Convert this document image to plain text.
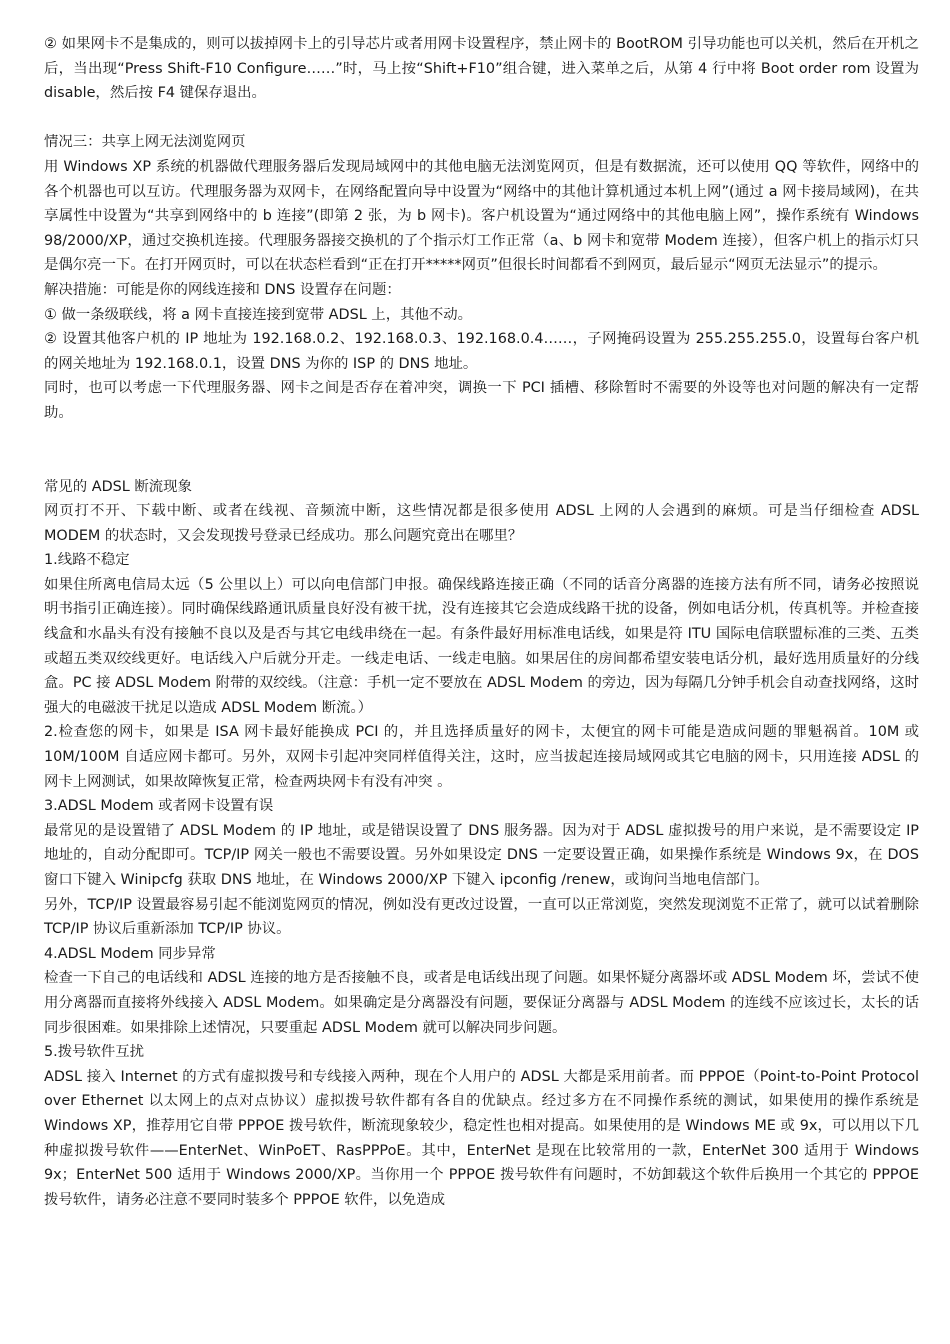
② 如果网卡不是集成的，则可以拔掉网卡上的引导芯片或者用网卡设置程序，禁止网卡的 BootROM 引导功能也可以关机，然后在开机之后，当出现“Press Shift-F10 Configure……”时，马上按“Shift+F10”组合键，进入菜单之后，从第 4 行中将 Boot order rom 设置为 disable，然后按 F4 键保存退出。

情况三：共享上网无法浏览网页

用 Windows XP 系统的机器做代理服务器后发现局域网中的其他电脑无法浏览网页，但是有数据流，还可以使用 QQ 等软件，网络中的各个机器也可以互访。代理服务器为双网卡，在网络配置向导中设置为“网络中的其他计算机通过本机上网”(通过 a 网卡接局域网)，在共享属性中设置为“共享到网络中的 b 连接”(即第 2 张，为 b 网卡)。客户机设置为“通过网络中的其他电脑上网”，操作系统有 Windows 98/2000/XP，通过交换机连接。代理服务器接交换机的了个指示灯工作正常（a、b 网卡和宽带 Modem 连接），但客户机上的指示灯只是偶尔亮一下。在打开网页时，可以在状态栏看到“正在打开*****网页”但很长时间都看不到网页，最后显示“网页无法显示”的提示。

解决措施：可能是你的网线连接和 DNS 设置存在问题：

① 做一条级联线，将 a 网卡直接连接到宽带 ADSL 上，其他不动。

② 设置其他客户机的 IP 地址为 192.168.0.2、192.168.0.3、192.168.0.4……，子网掩码设置为 255.255.255.0，设置每台客户机的网关地址为 192.168.0.1，设置 DNS 为你的 ISP 的 DNS 地址。

同时，也可以考虑一下代理服务器、网卡之间是否存在着冲突，调换一下 PCI 插槽、移除暂时不需要的外设等也对问题的解决有一定帮助。

常见的 ADSL 断流现象

网页打不开、下载中断、或者在线视、音频流中断，这些情况都是很多使用 ADSL 上网的人会遇到的麻烦。可是当仔细检查 ADSL MODEM 的状态时，又会发现拨号登录已经成功。那么问题究竟出在哪里？

1.线路不稳定

如果住所离电信局太远（5 公里以上）可以向电信部门申报。确保线路连接正确（不同的话音分离器的连接方法有所不同，请务必按照说明书指引正确连接）。同时确保线路通讯质量良好没有被干扰，没有连接其它会造成线路干扰的设备，例如电话分机，传真机等。并检查接线盒和水晶头有没有接触不良以及是否与其它电线串绕在一起。有条件最好用标准电话线，如果是符 ITU 国际电信联盟标准的三类、五类或超五类双绞线更好。电话线入户后就分开走。一线走电话、一线走电脑。如果居住的房间都希望安装电话分机，最好选用质量好的分线盒。PC 接 ADSL Modem 附带的双绞线。（注意：手机一定不要放在 ADSL Modem 的旁边，因为每隔几分钟手机会自动查找网络，这时强大的电磁波干扰足以造成 ADSL Modem 断流。）

2.检查您的网卡，如果是 ISA 网卡最好能换成 PCI 的，并且选择质量好的网卡，太便宜的网卡可能是造成问题的罪魁祸首。10M 或 10M/100M 自适应网卡都可。另外，双网卡引起冲突同样值得关注，这时，应当拔起连接局域网或其它电脑的网卡，只用连接 ADSL 的网卡上网测试，如果故障恢复正常，检查两块网卡有没有冲突 。

3.ADSL Modem 或者网卡设置有误

最常见的是设置错了 ADSL Modem 的 IP 地址，或是错误设置了 DNS 服务器。因为对于 ADSL 虚拟拨号的用户来说，是不需要设定 IP 地址的，自动分配即可。TCP/IP 网关一般也不需要设置。另外如果设定 DNS 一定要设置正确，如果操作系统是 Windows 9x，在 DOS 窗口下键入 Winipcfg 获取 DNS 地址，在 Windows 2000/XP 下键入 ipconfig /renew，或询问当地电信部门。

另外，TCP/IP 设置最容易引起不能浏览网页的情况，例如没有更改过设置，一直可以正常浏览，突然发现浏览不正常了，就可以试着删除 TCP/IP 协议后重新添加 TCP/IP 协议。

4.ADSL Modem 同步异常

检查一下自己的电话线和 ADSL 连接的地方是否接触不良，或者是电话线出现了问题。如果怀疑分离器坏或 ADSL Modem 坏，尝试不使用分离器而直接将外线接入 ADSL Modem。如果确定是分离器没有问题，要保证分离器与 ADSL Modem 的连线不应该过长，太长的话同步很困难。如果排除上述情况，只要重起 ADSL Modem 就可以解决同步问题。

5.拨号软件互扰

ADSL 接入 Internet 的方式有虚拟拨号和专线接入两种，现在个人用户的 ADSL 大都是采用前者。而 PPPOE（Point-to-Point Protocol over Ethernet 以太网上的点对点协议）虚拟拨号软件都有各自的优缺点。经过多方在不同操作系统的测试，如果使用的操作系统是 Windows XP，推荐用它自带 PPPOE 拨号软件，断流现象较少，稳定性也相对提高。如果使用的是 Windows ME 或 9x，可以用以下几种虚拟拨号软件——EnterNet、WinPoET、RasPPPoE。其中，EnterNet 是现在比较常用的一款，EnterNet 300 适用于 Windows 9x；EnterNet 500 适用于 Windows 2000/XP。当你用一个 PPPOE 拨号软件有问题时，不妨卸载这个软件后换用一个其它的 PPPOE 拨号软件，请务必注意不要同时装多个 PPPOE 软件，以免造成
